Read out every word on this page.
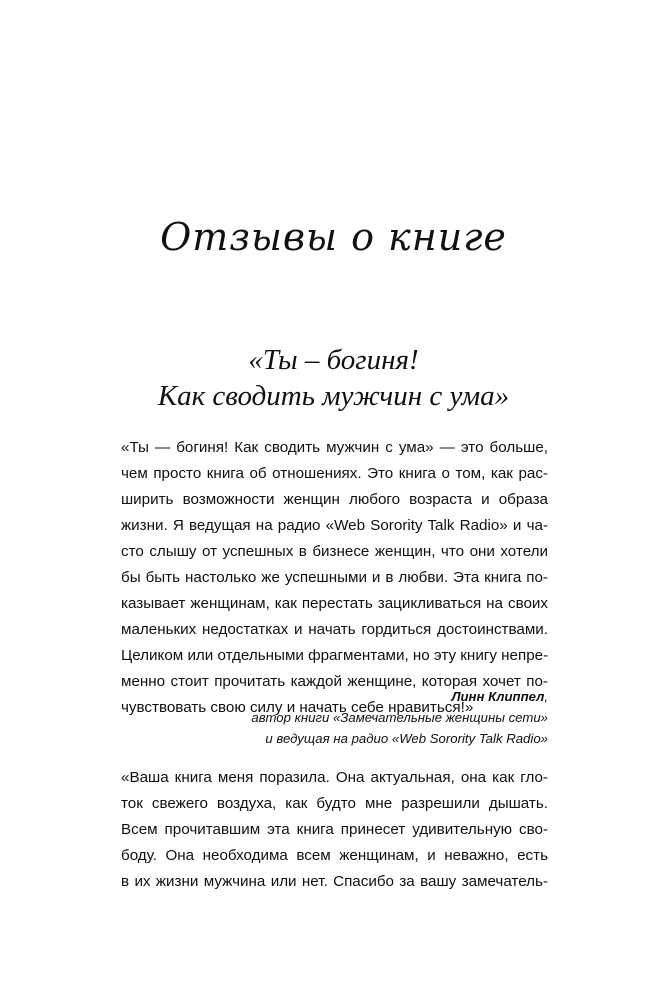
Отзывы о книге
«Ты – богиня!
Как сводить мужчин с ума»
«Ты — богиня! Как сводить мужчин с ума» — это больше,
чем просто книга об отношениях. Это книга о том, как рас-
ширить возможности женщин любого возраста и образа
жизни. Я ведущая на радио «Web Sorority Talk Radio» и ча-
сто слышу от успешных в бизнесе женщин, что они хотели
бы быть настолько же успешными и в любви. Эта книга по-
казывает женщинам, как перестать зацикливаться на своих
маленьких недостатках и начать гордиться достоинствами.
Целиком или отдельными фрагментами, но эту книгу непре-
менно стоит прочитать каждой женщине, которая хочет по-
чувствовать свою силу и начать себе нравиться!»
Линн Клиппел,
автор книги «Замечательные женщины сети»
и ведущая на радио «Web Sorority Talk Radio»
«Ваша книга меня поразила. Она актуальная, она как гло-
ток свежего воздуха, как будто мне разрешили дышать.
Всем прочитавшим эта книга принесет удивительную сво-
боду. Она необходима всем женщинам, и неважно, есть
в их жизни мужчина или нет. Спасибо за вашу замечатель-
